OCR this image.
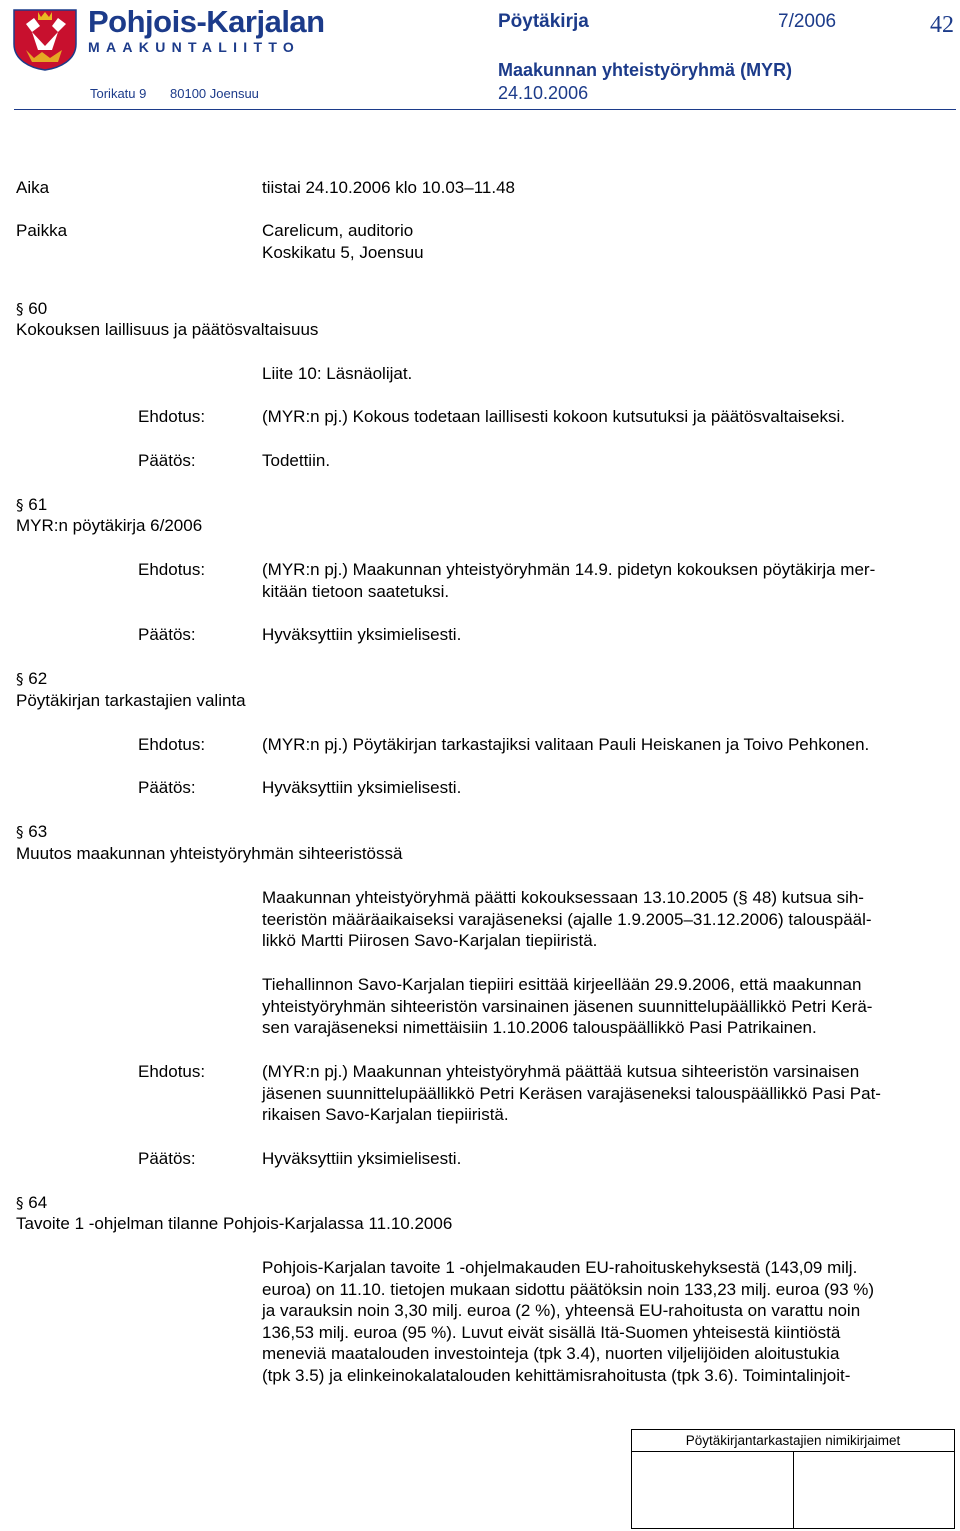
Pohjois-Karjalan
MAAKUNTALIITTO
Torikatu 9 80100 Joensuu
Pöytäkirja	7/2006	42
Maakunnan yhteistyöryhmä (MYR)
24.10.2006
Aika	tiistai 24.10.2006 klo 10.03–11.48
Paikka	Carelicum, auditorio
Koskikatu 5, Joensuu
§ 60
Kokouksen laillisuus ja päätösvaltaisuus
Liite 10: Läsnäolijat.
Ehdotus:	(MYR:n pj.) Kokous todetaan laillisesti kokoon kutsutuksi ja päätösvaltaiseksi.
Päätös:	Todettiin.
§ 61
MYR:n pöytäkirja 6/2006
Ehdotus:	(MYR:n pj.) Maakunnan yhteistyöryhmän 14.9. pidetyn kokouksen pöytäkirja mer-
kitään tietoon saatetuksi.
Päätös:	Hyväksyttiin yksimielisesti.
§ 62
Pöytäkirjan tarkastajien valinta
Ehdotus:	(MYR:n pj.) Pöytäkirjan tarkastajiksi valitaan Pauli Heiskanen ja Toivo Pehkonen.
Päätös:	Hyväksyttiin yksimielisesti.
§ 63
Muutos maakunnan yhteistyöryhmän sihteeristössä
Maakunnan yhteistyöryhmä päätti kokouksessaan 13.10.2005 (§ 48) kutsua sih-
teeristön määräaikaiseksi varajäseneksi (ajalle 1.9.2005–31.12.2006) talouspääl-
likkö Martti Piirosen Savo-Karjalan tiepiiristä.
Tiehallinnon Savo-Karjalan tiepiiri esittää kirjeellään 29.9.2006, että maakunnan
yhteistyöryhmän sihteeristön varsinainen jäsenen suunnittelupäällikkö Petri Kerä-
sen varajäseneksi nimettäisiin 1.10.2006 talouspäällikkö Pasi Patrikainen.
Ehdotus:	(MYR:n pj.) Maakunnan yhteistyöryhmä päättää kutsua sihteeristön varsinaisen
jäsenen suunnittelupäällikkö Petri Keräsen varajäseneksi talouspäällikkö Pasi Pat-
rikaisen Savo-Karjalan tiepiiristä.
Päätös:	Hyväksyttiin yksimielisesti.
§ 64
Tavoite 1 -ohjelman tilanne Pohjois-Karjalassa 11.10.2006
Pohjois-Karjalan tavoite 1 -ohjelmakauden EU-rahoituskehyksestä (143,09 milj.
euroa) on 11.10. tietojen mukaan sidottu päätöksin noin 133,23 milj. euroa (93 %)
ja varauksin noin 3,30 milj. euroa (2 %), yhteensä EU-rahoitusta on varattu noin
136,53 milj. euroa (95 %). Luvut eivät sisällä Itä-Suomen yhteisestä kiintiöstä
meneviä maatalouden investointeja (tpk 3.4), nuorten viljelijöiden aloitustukia
(tpk 3.5) ja elinkeinokalatalouden kehittämisrahoitusta (tpk 3.6). Toimintalinjoit-
Pöytäkirjantarkastajien nimikirjaimet
